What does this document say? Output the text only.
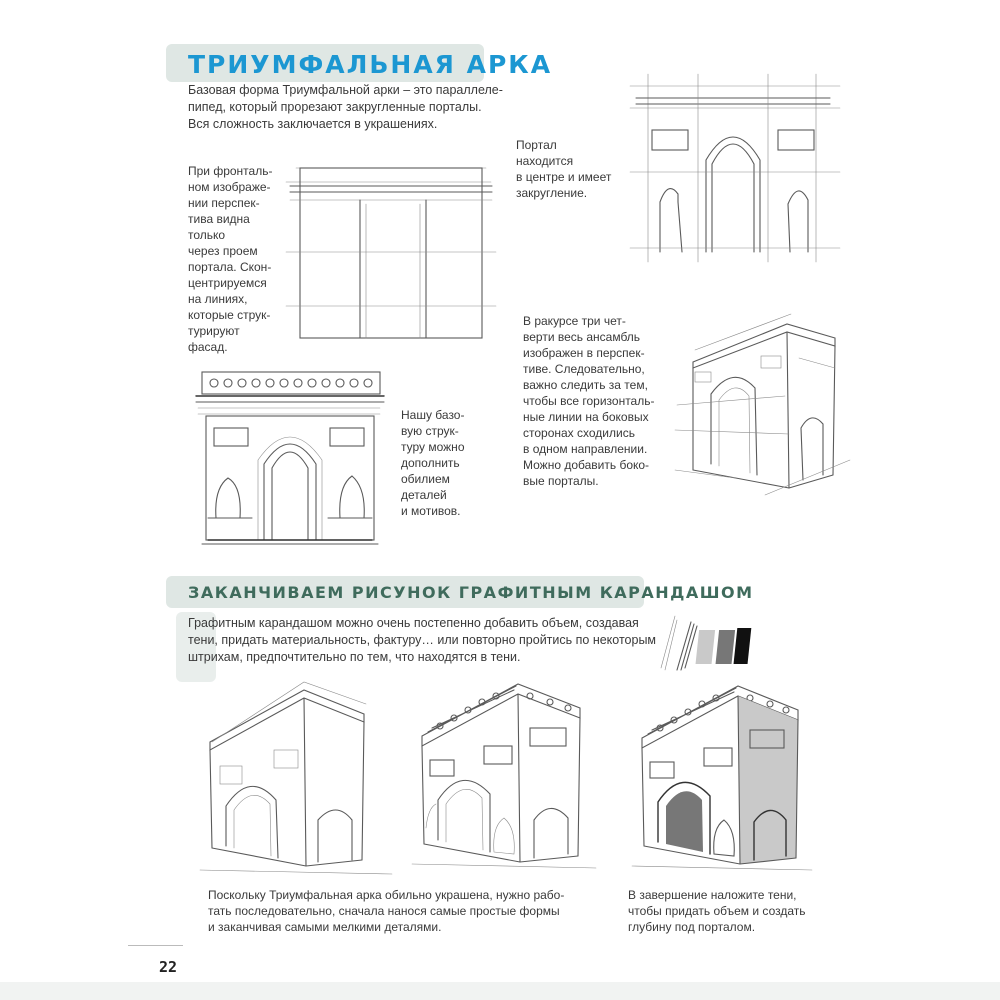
ТРИУМФАЛЬНАЯ АРКА
Базовая форма Триумфальной арки – это параллеле-
пипед, который прорезают закругленные порталы.
Вся сложность заключается в украшениях.
При фронталь-
ном изображе-
нии перспек-
тива видна
только
через проем
портала. Скон-
центрируемся
на линиях,
которые струк-
турируют
фасад.
Портал
находится
в центре и имеет
закругление.
Нашу базо-
вую струк-
туру можно
дополнить
обилием
деталей
и мотивов.
В ракурсе три чет-
верти весь ансамбль
изображен в перспек-
тиве. Следовательно,
важно следить за тем,
чтобы все горизонталь-
ные линии на боковых
сторонах сходились
в одном направлении.
Можно добавить боко-
вые порталы.
ЗАКАНЧИВАЕМ РИСУНОК ГРАФИТНЫМ КАРАНДАШОМ
Графитным карандашом можно очень постепенно добавить объем, создавая
тени, придать материальность, фактуру… или повторно пройтись по некоторым
штрихам, предпочтительно по тем, что находятся в тени.
Поскольку Триумфальная арка обильно украшена, нужно рабо-
тать последовательно, сначала нанося самые простые формы
и заканчивая самыми мелкими деталями.
В завершение наложите тени,
чтобы придать объем и создать
глубину под порталом.
22
